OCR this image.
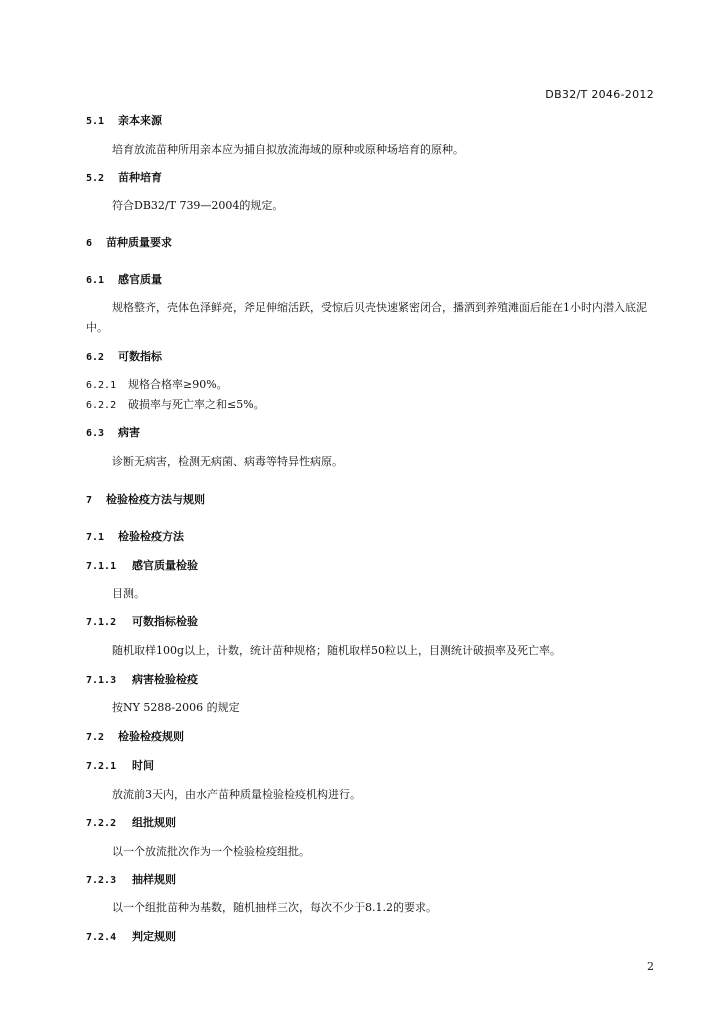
DB32/T 2046-2012
5.1 亲本来源
培育放流苗种所用亲本应为捕自拟放流海域的原种或原种场培育的原种。
5.2 苗种培育
符合DB32/T 739—2004的规定。
6 苗种质量要求
6.1 感官质量
规格整齐，壳体色泽鲜亮，斧足伸缩活跃，受惊后贝壳快速紧密闭合，播洒到养殖滩面后能在1小时内潜入底泥中。
6.2 可数指标
6.2.1 规格合格率≥90%。
6.2.2 破损率与死亡率之和≤5%。
6.3 病害
诊断无病害，检测无病菌、病毒等特异性病原。
7 检验检疫方法与规则
7.1 检验检疫方法
7.1.1 感官质量检验
目测。
7.1.2 可数指标检验
随机取样100g以上，计数，统计苗种规格；随机取样50粒以上，目测统计破损率及死亡率。
7.1.3 病害检验检疫
按NY 5288-2006 的规定
7.2 检验检疫规则
7.2.1 时间
放流前3天内，由水产苗种质量检验检疫机构进行。
7.2.2 组批规则
以一个放流批次作为一个检验检疫组批。
7.2.3 抽样规则
以一个组批苗种为基数，随机抽样三次，每次不少于8.1.2的要求。
7.2.4 判定规则
2
